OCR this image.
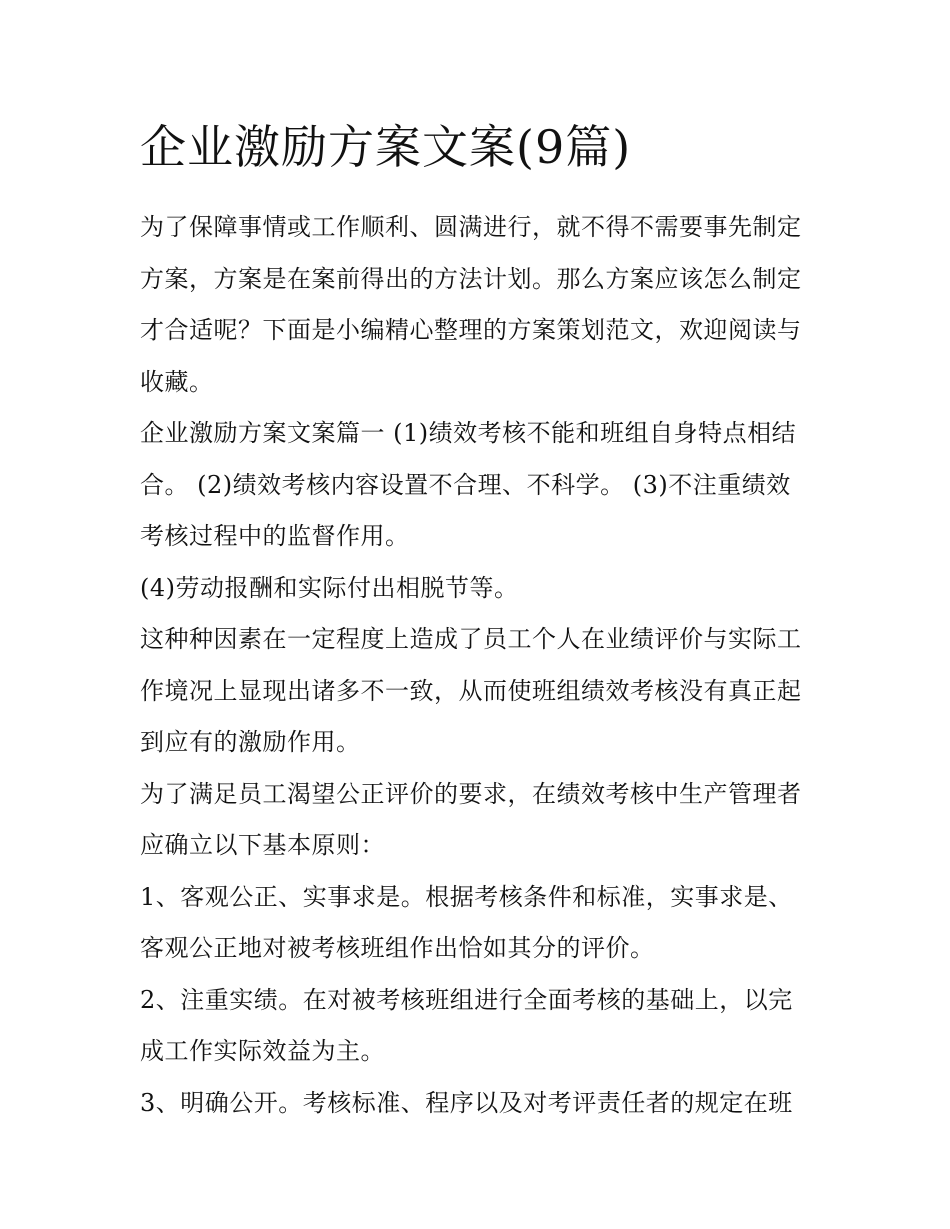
企业激励方案文案(9篇)

为了保障事情或工作顺利、圆满进行，就不得不需要事先制定方案，方案是在案前得出的方法计划。那么方案应该怎么制定才合适呢？下面是小编精心整理的方案策划范文，欢迎阅读与收藏。

企业激励方案文案篇一 (1)绩效考核不能和班组自身特点相结合。 (2)绩效考核内容设置不合理、不科学。 (3)不注重绩效考核过程中的监督作用。

(4)劳动报酬和实际付出相脱节等。

这种种因素在一定程度上造成了员工个人在业绩评价与实际工作境况上显现出诸多不一致，从而使班组绩效考核没有真正起到应有的激励作用。

为了满足员工渴望公正评价的要求，在绩效考核中生产管理者应确立以下基本原则：

1、客观公正、实事求是。根据考核条件和标准，实事求是、客观公正地对被考核班组作出恰如其分的评价。

2、注重实绩。在对被考核班组进行全面考核的基础上，以完成工作实际效益为主。

3、明确公开。考核标准、程序以及对考评责任者的规定在班
